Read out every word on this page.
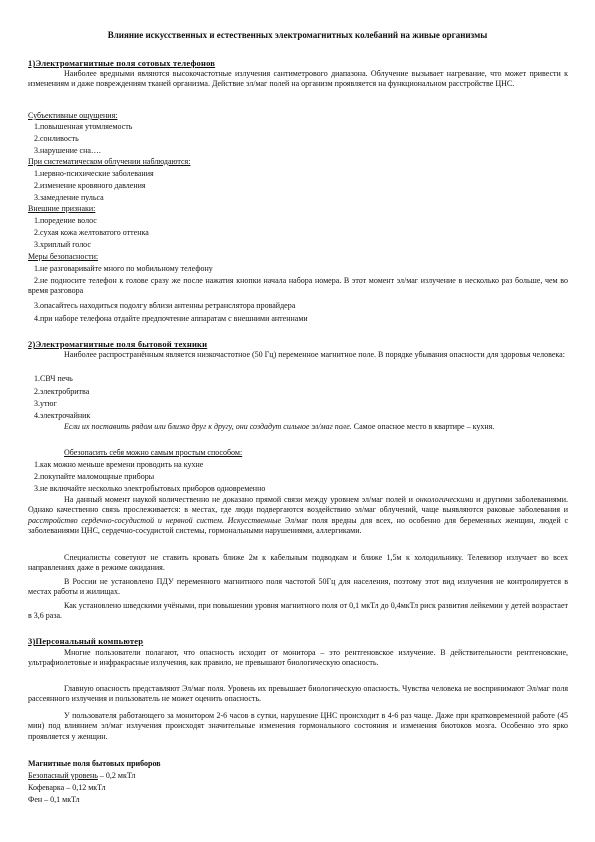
Влияние искусственных и естественных электромагнитных колебаний на живые организмы
1)Электромагнитные поля сотовых телефонов
Наиболее вредными являются высокочастотные излучения сантиметрового диапазона. Облучение вызывает нагревание, что может привести к изменениям и даже повреждениям тканей организма. Действие эл/маг полей на организм проявляется на функциональном расстройстве ЦНС.
Субъективные ощущения:
1.повышенная утомляемость
2.сонливость
3.нарушение сна….
При систематическом облучении наблюдаются:
1.нервно-психические заболевания
2.изменение кровяного давления
3.замедление пульса
Внешние признаки:
1.поредение волос
2.сухая кожа желтоватого оттенка
3.хриплый голос
Меры безопасности:
1.не разговаривайте много по мобильному телефону
2.не подносите телефон к голове сразу же после нажатия кнопки начала набора номера. В этот момент эл/маг излучение в несколько раз больше, чем во время разговора
3.опасайтесь находиться подолгу вблизи антенны ретранслятора провайдера
4.при наборе телефона отдайте предпочтение аппаратам с внешними антеннами
2)Электромагнитные поля бытовой техники
Наиболее распространённым является низкочастотное (50 Гц) переменное магнитное поле. В порядке убывания опасности для здоровья человека:
1.СВЧ печь
2.электробритва
3.утюг
4.электрочайник
Если их поставить рядом или близко друг к другу, они создадут сильное эл/маг поле. Самое опасное место в квартире – кухня.
Обезопасить себя можно самым простым способом:
1.как можно меньше времени проводить на кухне
2.покупайте маломощные приборы
3.не включайте несколько электробытовых приборов одновременно
На данный момент наукой количественно не доказано прямой связи между уровнем эл/маг полей и онкологическими и другими заболеваниями. Однако качественно связь прослеживается: в местах, где люди подвергаются воздействию эл/маг облучений, чаще выявляются раковые заболевания и расстройство сердечно-сосудистой и нервной систем. Искусственные Эл/маг поля вредны для всех, но особенно для беременных женщин, людей с заболеваниями ЦНС, сердечно-сосудистой системы, гормональными нарушениями, аллергиками.
Специалисты советуют не ставить кровать ближе 2м к кабельным подводкам и ближе 1,5м к холодильнику. Телевизор излучает во всех направлениях даже в режиме ожидания.
В России не установлено ПДУ переменного магнитного поля частотой 50Гц для населения, поэтому этот вид излучения не контролируется в местах работы и жилищах.
Как установлено шведскими учёными, при повышении уровня магнитного поля от 0,1 мкТл до 0,4мкТл риск развития лейкемии у детей возрастает в 3,6 раза.
3)Персональный компьютер
Многие пользователи полагают, что опасность исходит от монитора – это рентгеновское излучение. В действительности рентгеновские, ультрафиолетовые и инфракрасные излучения, как правило, не превышают биологическую опасность.
Главную опасность представляют Эл/маг поля. Уровень их превышает биологическую опасность. Чувства человека не воспринимают Эл/маг поля рассеянного излучения и пользователь не может оценить опасность.
У пользователя работающего за монитором 2-6 часов в сутки, нарушение ЦНС происходит в 4-6 раз чаще. Даже при кратковременной работе (45 мин) под влиянием эл/маг излучения происходят значительные изменения гормонального состояния и изменения биотоков мозга. Особенно это ярко проявляется у женщин.
Магнитные поля бытовых приборов
Безопасный уровень – 0,2 мкТл
Кофеварка – 0,12 мкТл
Фен – 0,1 мкТл
